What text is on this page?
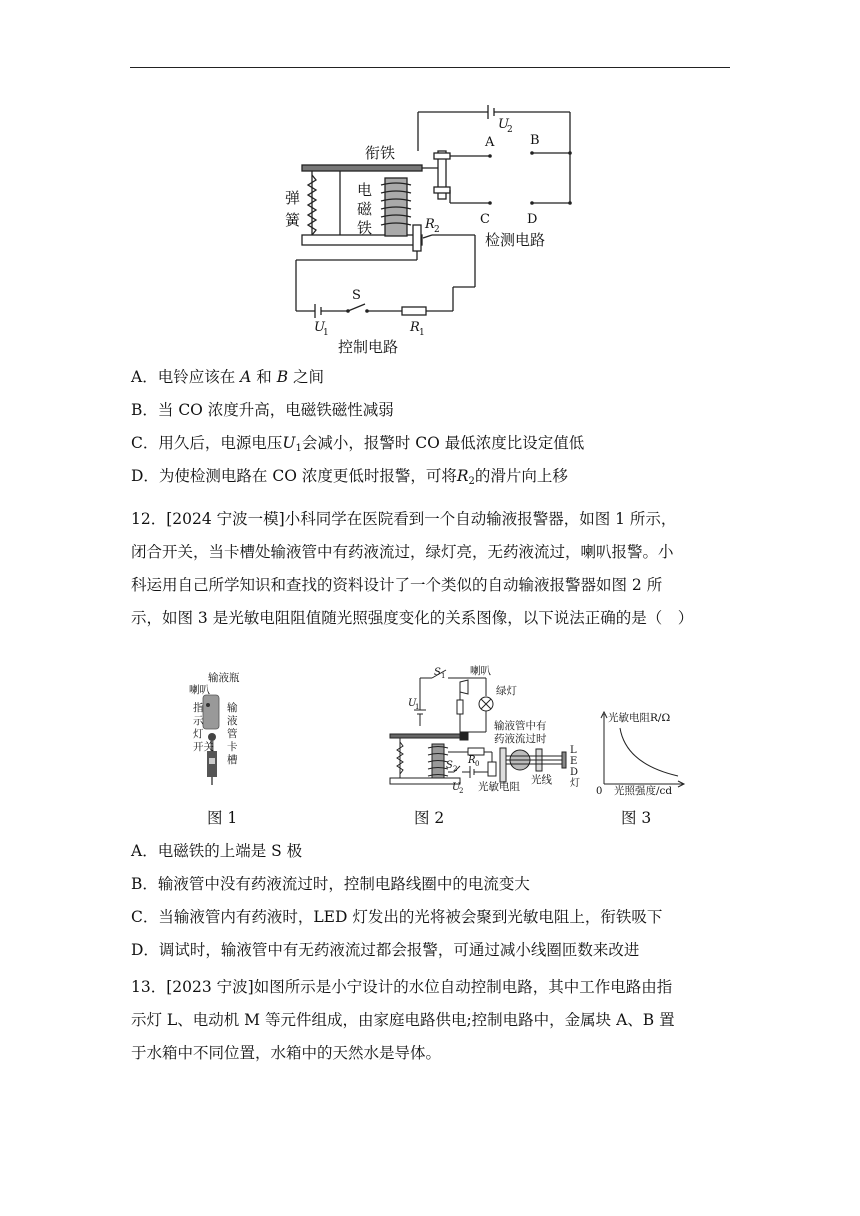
衔铁
弹
簧
电
磁
铁
U
2
A	B
C	D
R 2
检测电路
S
U
1	R 1
控制电路
A．电铃应该在 A 和 B 之间
B．当 CO 浓度升高，电磁铁磁性减弱
C．用久后，电源电压$U_1$会减小，报警时 CO 最低浓度比设定值低
D．为使检测电路在 CO 浓度更低时报警，可将$R_2$的滑片向上移
12．[2024 宁波一模]小科同学在医院看到一个自动输液报警器，如图 1 所示，
闭合开关，当卡槽处输液管中有药液流过，绿灯亮，无药液流过，喇叭报警。小
科运用自己所学知识和查找的资料设计了一个类似的自动输液报警器如图 2 所
示，如图 3 是光敏电阻阻值随光照强度变化的关系图像，以下说法正确的是（　）
输液瓶
喇叭
指
示
灯
开关
输
液
管
卡
槽
S 1 喇叭
绿灯
U
1
输液管中有
药液流过时
R 0
L
E
D
灯
S 2
U
2 光敏电阻
光线
光敏电阻R/Ω
0 光照强度/cd
图 1	图 2	图 3
A．电磁铁的上端是 S 极
B．输液管中没有药液流过时，控制电路线圈中的电流变大
C．当输液管内有药液时，LED 灯发出的光将被会聚到光敏电阻上，衔铁吸下
D．调试时，输液管中有无药液流过都会报警，可通过减小线圈匝数来改进
13．[2023 宁波]如图所示是小宁设计的水位自动控制电路，其中工作电路由指
示灯 L、电动机 M 等元件组成，由家庭电路供电;控制电路中，金属块 A、B 置
于水箱中不同位置，水箱中的天然水是导体。
